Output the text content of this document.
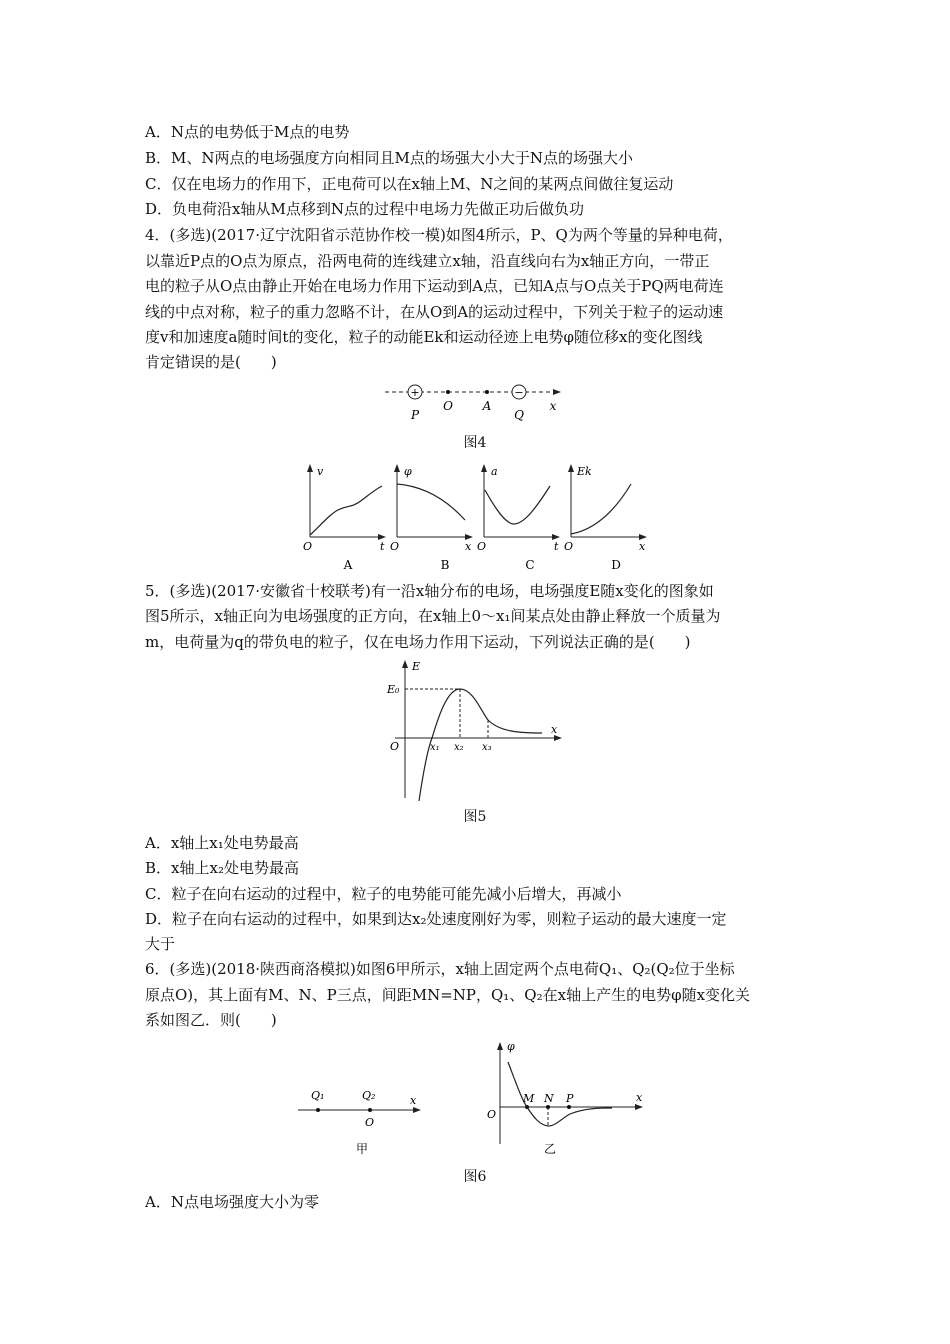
A．N点的电势低于M点的电势
B．M、N两点的电场强度方向相同且M点的场强大小大于N点的场强大小
C．仅在电场力的作用下，正电荷可以在x轴上M、N之间的某两点间做往复运动
D．负电荷沿x轴从M点移到N点的过程中电场力先做正功后做负功
4．(多选)(2017·辽宁沈阳省示范协作校一模)如图4所示，P、Q为两个等量的异种电荷，
以靠近P点的O点为原点，沿两电荷的连线建立x轴，沿直线向右为x轴正方向，一带正
电的粒子从O点由静止开始在电场力作用下运动到A点，已知A点与O点关于PQ两电荷连
线的中点对称，粒子的重力忽略不计，在从O到A的运动过程中，下列关于粒子的运动速
度v和加速度a随时间t的变化，粒子的动能Ek和运动径迹上电势φ随位移x的变化图线
肯定错误的是(　　)
+	−
P
O A
Q
x
图4
v
O	t
A
φ
O	x
B
a
O	t
C
Ek
O	x
D
5．(多选)(2017·安徽省十校联考)有一沿x轴分布的电场，电场强度E随x变化的图象如
图5所示，x轴正向为电场强度的正方向，在x轴上0～x₁间某点处由静止释放一个质量为
m，电荷量为q的带负电的粒子，仅在电场力作用下运动，下列说法正确的是(　　)
E
E₀
O
x
x₁ x₂ x₃
图5
A．x轴上x₁处电势最高
B．x轴上x₂处电势最高
C．粒子在向右运动的过程中，粒子的电势能可能先减小后增大，再减小
D．粒子在向右运动的过程中，如果到达x₂处速度刚好为零，则粒子运动的最大速度一定
大于
6．(多选)(2018·陕西商洛模拟)如图6甲所示，x轴上固定两个点电荷Q₁、Q₂(Q₂位于坐标
原点O)，其上面有M、N、P三点，间距MN=NP，Q₁、Q₂在x轴上产生的电势φ随x变化关
系如图乙．则(　　)
Q₁	Q₂
O
x
甲
φ
O
M N P	x
乙
图6
A．N点电场强度大小为零
